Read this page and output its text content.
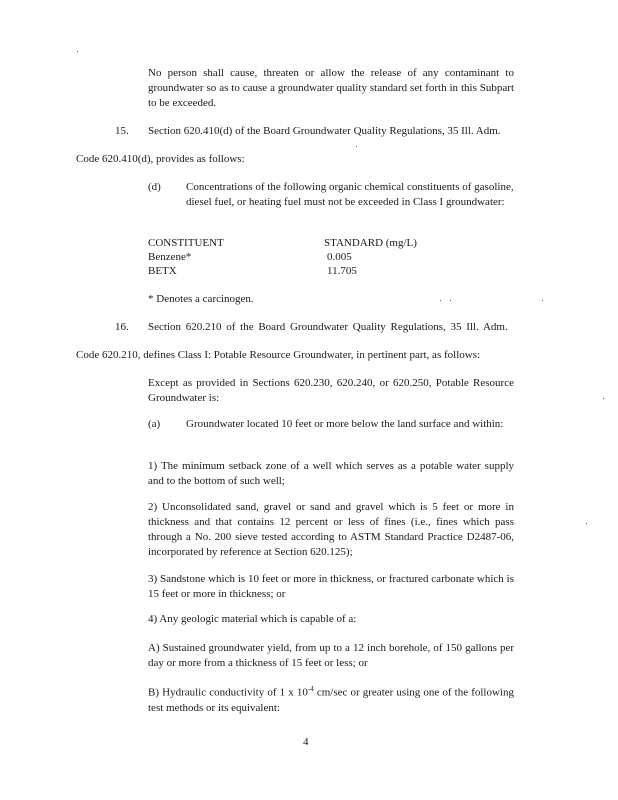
No person shall cause, threaten or allow the release of any contaminant to groundwater so as to cause a groundwater quality standard set forth in this Subpart to be exceeded.
15. Section 620.410(d) of the Board Groundwater Quality Regulations, 35 Ill. Adm.
Code 620.410(d), provides as follows:
(d) Concentrations of the following organic chemical constituents of gasoline, diesel fuel, or heating fuel must not be exceeded in Class I groundwater:
CONSTITUENT	STANDARD (mg/L)
Benzene*	0.005
BETX	11.705
* Denotes a carcinogen.
16. Section 620.210 of the Board Groundwater Quality Regulations, 35 Ill. Adm.
Code 620.210, defines Class I: Potable Resource Groundwater, in pertinent part, as follows:
Except as provided in Sections 620.230, 620.240, or 620.250, Potable Resource Groundwater is:
(a) Groundwater located 10 feet or more below the land surface and within:
1) The minimum setback zone of a well which serves as a potable water supply and to the bottom of such well;
2) Unconsolidated sand, gravel or sand and gravel which is 5 feet or more in thickness and that contains 12 percent or less of fines (i.e., fines which pass through a No. 200 sieve tested according to ASTM Standard Practice D2487-06, incorporated by reference at Section 620.125);
3) Sandstone which is 10 feet or more in thickness, or fractured carbonate which is 15 feet or more in thickness; or
4) Any geologic material which is capable of a:
A) Sustained groundwater yield, from up to a 12 inch borehole, of 150 gallons per day or more from a thickness of 15 feet or less; or
B) Hydraulic conductivity of 1 x $10^{-4}$ cm/sec or greater using one of the following test methods or its equivalent:
4
